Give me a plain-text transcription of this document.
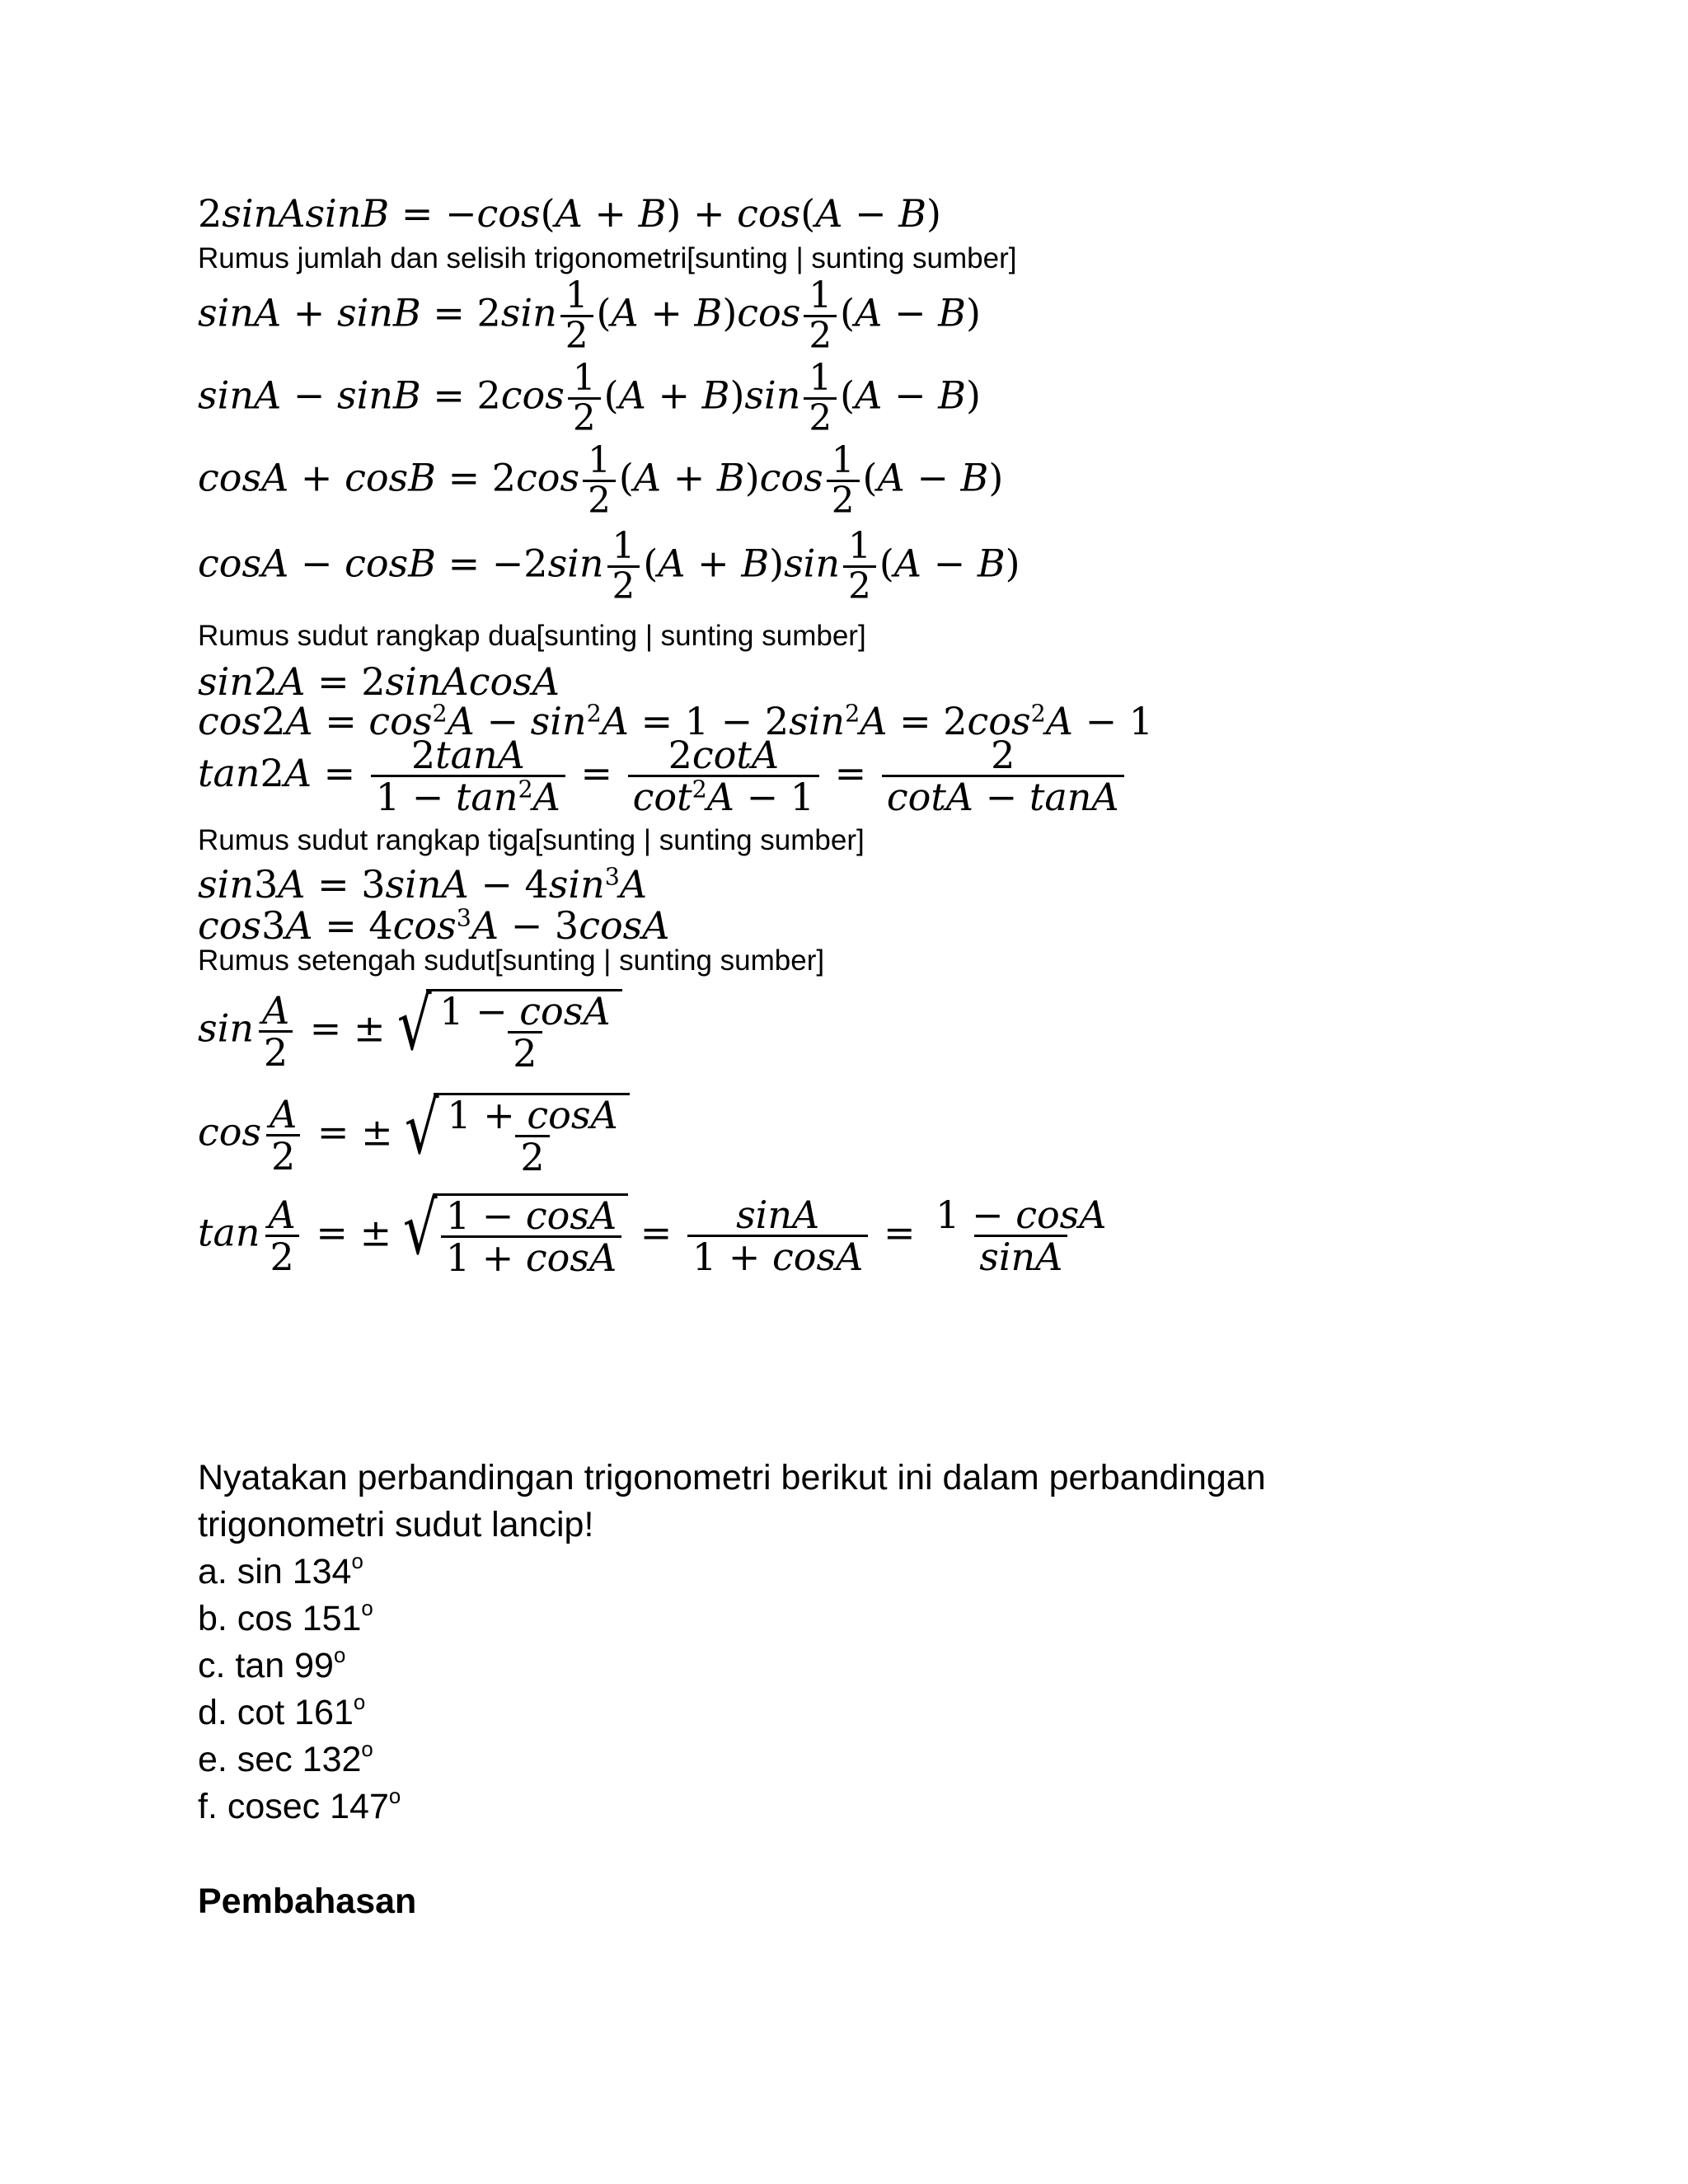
2sinAsinB = −cos(A + B) + cos(A − B)
Rumus jumlah dan selisih trigonometri[sunting | sunting sumber]
$\sin A + \sin B = 2\sin \frac{1}{2} (A + B)\cos \frac{1}{2} (A - B)$
$\sin A - \sin B = 2\cos \frac{1}{2} (A + B)\sin \frac{1}{2} (A - B)$
$\cos A + \cos B = 2\cos \frac{1}{2} (A + B)\cos \frac{1}{2} (A - B)$
$\cos A - \cos B = -2\sin \frac{1}{2} (A + B)\sin \frac{1}{2} (A - B)$
Rumus sudut rangkap dua[sunting | sunting sumber]
sin2A = 2sinAcosA
$\cos 2A = \cos^2A - \sin^2A = 1 - 2\sin^2A = 2\cos^2A - 1$
$\tan 2A = \frac{2\tan A}{1 - \tan^2A} = \frac{2\cot A}{\cot^2A - 1} = \frac{2}{\cot A - \tan A}$
Rumus sudut rangkap tiga[sunting | sunting sumber]
$\sin 3A = 3\sin A - 4\sin^3A$
$\cos 3A = 4\cos^3A - 3\cos A$
Rumus setengah sudut[sunting | sunting sumber]
$\sin \frac{A}{2}$ = ± √ $\frac{1 - \cos A}{2}$
$\cos \frac{A}{2}$ = ± √ $\frac{1 + \cos A}{2}$
$\tan \frac{A}{2}$ = ± √ $\frac{1 - \cos A}{1 + \cos A} = \frac{\sin A}{1 + \cos A} = \frac{1 - \cos A}{\sin A}$
Nyatakan perbandingan trigonometri berikut ini dalam perbandingan
trigonometri sudut lancip!
a. sin 134$^o$
b. cos 151$^o$
c. tan 99$^o$
d. cot 161$^o$
e. sec 132$^o$
f. cosec 147$^o$
Pembahasan
